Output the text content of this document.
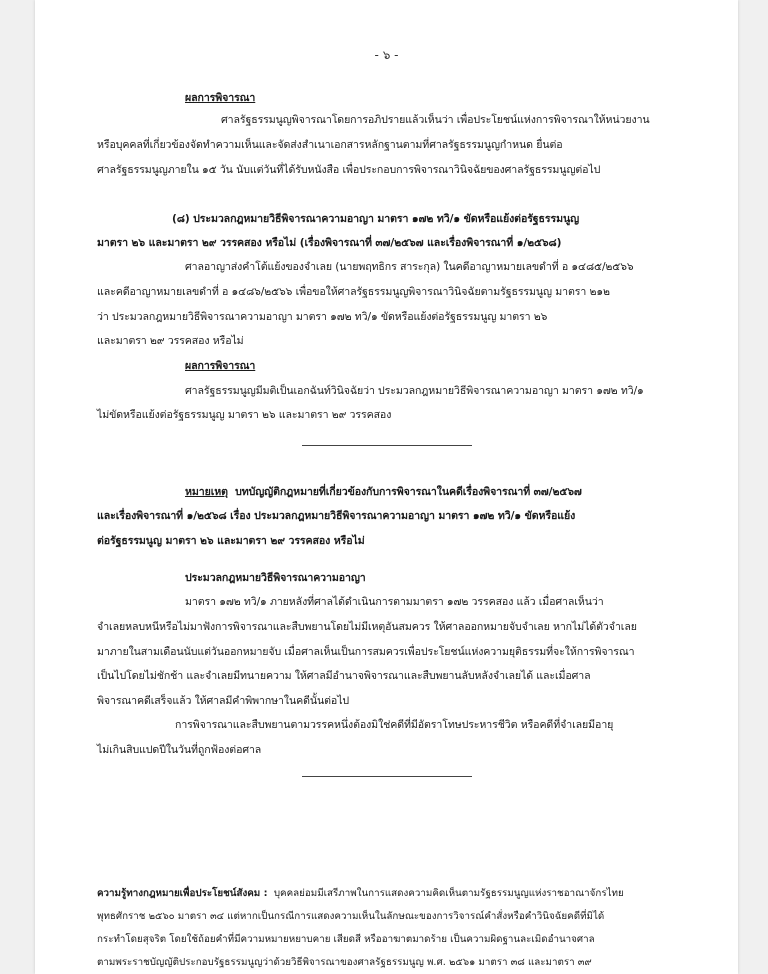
- ๖ -
ผลการพิจารณา
ศาลรัฐธรรมนูญพิจารณาโดยการอภิปรายแล้วเห็นว่า เพื่อประโยชน์แห่งการพิจารณาให้หน่วยงาน
หรือบุคคลที่เกี่ยวข้องจัดทำความเห็นและจัดส่งสำเนาเอกสารหลักฐานตามที่ศาลรัฐธรรมนูญกำหนด ยื่นต่อ
ศาลรัฐธรรมนูญภายใน ๑๕ วัน นับแต่วันที่ได้รับหนังสือ เพื่อประกอบการพิจารณาวินิจฉัยของศาลรัฐธรรมนูญต่อไป
(๘) ประมวลกฎหมายวิธีพิจารณาความอาญา มาตรา ๑๗๒ ทวิ/๑ ขัดหรือแย้งต่อรัฐธรรมนูญ
มาตรา ๒๖ และมาตรา ๒๙ วรรคสอง หรือไม่ (เรื่องพิจารณาที่ ๓๗/๒๕๖๗ และเรื่องพิจารณาที่ ๑/๒๕๖๘)
ศาลอาญาส่งคำโต้แย้งของจำเลย (นายพฤทธิกร สาระกุล) ในคดีอาญาหมายเลขดำที่ อ ๑๔๘๕/๒๕๖๖
และคดีอาญาหมายเลขดำที่ อ ๑๔๘๖/๒๕๖๖ เพื่อขอให้ศาลรัฐธรรมนูญพิจารณาวินิจฉัยตามรัฐธรรมนูญ มาตรา ๒๑๒
ว่า ประมวลกฎหมายวิธีพิจารณาความอาญา มาตรา ๑๗๒ ทวิ/๑ ขัดหรือแย้งต่อรัฐธรรมนูญ มาตรา ๒๖
และมาตรา ๒๙ วรรคสอง หรือไม่
ผลการพิจารณา
ศาลรัฐธรรมนูญมีมติเป็นเอกฉันท์วินิจฉัยว่า ประมวลกฎหมายวิธีพิจารณาความอาญา มาตรา ๑๗๒ ทวิ/๑
ไม่ขัดหรือแย้งต่อรัฐธรรมนูญ มาตรา ๒๖ และมาตรา ๒๙ วรรคสอง
หมายเหตุ บทบัญญัติกฎหมายที่เกี่ยวข้องกับการพิจารณาในคดีเรื่องพิจารณาที่ ๓๗/๒๕๖๗
และเรื่องพิจารณาที่ ๑/๒๕๖๘ เรื่อง ประมวลกฎหมายวิธีพิจารณาความอาญา มาตรา ๑๗๒ ทวิ/๑ ขัดหรือแย้ง
ต่อรัฐธรรมนูญ มาตรา ๒๖ และมาตรา ๒๙ วรรคสอง หรือไม่
ประมวลกฎหมายวิธีพิจารณาความอาญา
มาตรา ๑๗๒ ทวิ/๑ ภายหลังที่ศาลได้ดำเนินการตามมาตรา ๑๗๒ วรรคสอง แล้ว เมื่อศาลเห็นว่า
จำเลยหลบหนีหรือไม่มาฟังการพิจารณาและสืบพยานโดยไม่มีเหตุอันสมควร ให้ศาลออกหมายจับจำเลย หากไม่ได้ตัวจำเลย
มาภายในสามเดือนนับแต่วันออกหมายจับ เมื่อศาลเห็นเป็นการสมควรเพื่อประโยชน์แห่งความยุติธรรมที่จะให้การพิจารณา
เป็นไปโดยไม่ชักช้า และจำเลยมีทนายความ ให้ศาลมีอำนาจพิจารณาและสืบพยานลับหลังจำเลยได้ และเมื่อศาล
พิจารณาคดีเสร็จแล้ว ให้ศาลมีคำพิพากษาในคดีนั้นต่อไป
การพิจารณาและสืบพยานตามวรรคหนึ่งต้องมิใช่คดีที่มีอัตราโทษประหารชีวิต หรือคดีที่จำเลยมีอายุ
ไม่เกินสิบแปดปีในวันที่ถูกฟ้องต่อศาล
ความรู้ทางกฎหมายเพื่อประโยชน์สังคม : บุคคลย่อมมีเสรีภาพในการแสดงความคิดเห็นตามรัฐธรรมนูญแห่งราชอาณาจักรไทย
พุทธศักราช ๒๕๖๐ มาตรา ๓๔ แต่หากเป็นกรณีการแสดงความเห็นในลักษณะของการวิจารณ์คำสั่งหรือคำวินิจฉัยคดีที่มิได้
กระทำโดยสุจริต โดยใช้ถ้อยคำที่มีความหมายหยาบคาย เสียดสี หรืออาฆาตมาดร้าย เป็นความผิดฐานละเมิดอำนาจศาล
ตามพระราชบัญญัติประกอบรัฐธรรมนูญว่าด้วยวิธีพิจารณาของศาลรัฐธรรมนูญ พ.ศ. ๒๕๖๑ มาตรา ๓๘ และมาตรา ๓๙
